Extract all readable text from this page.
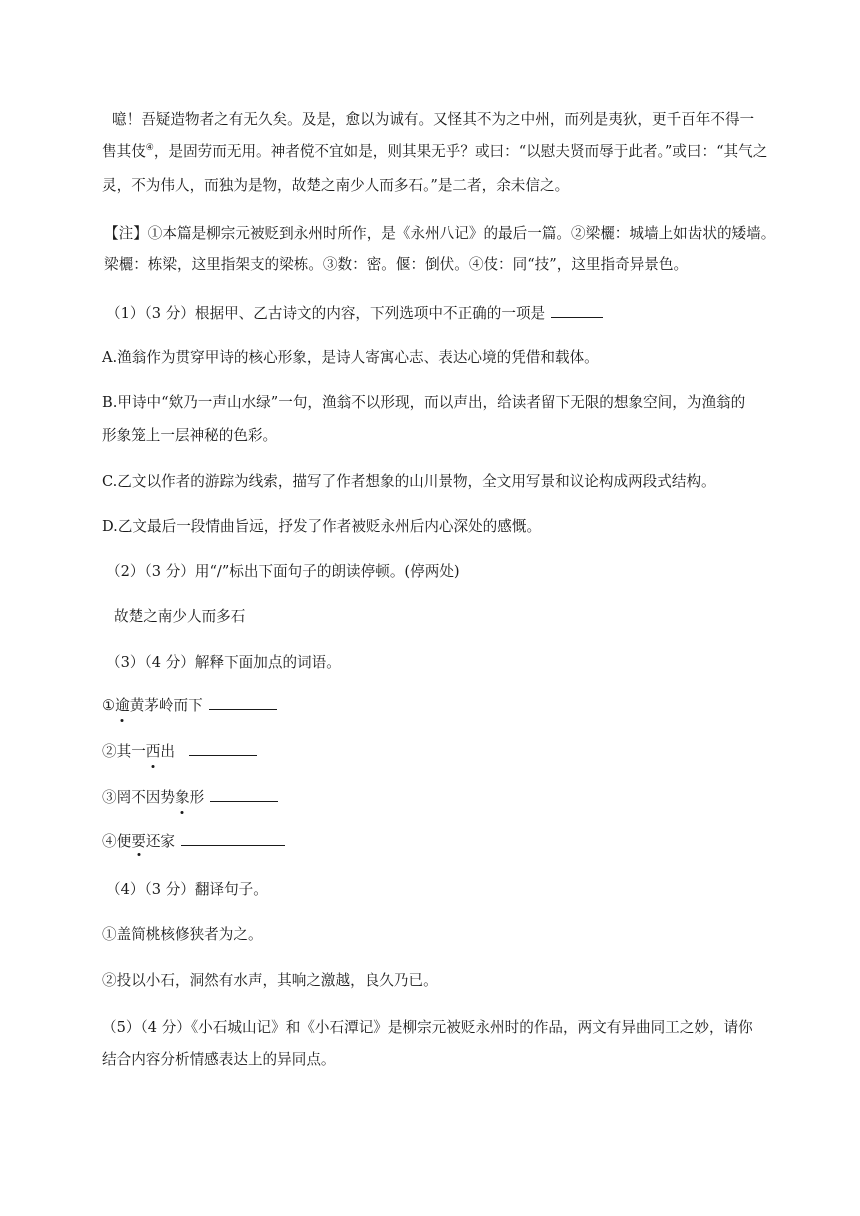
噫！吾疑造物者之有无久矣。及是，愈以为诚有。又怪其不为之中州，而列是夷狄，更千百年不得一
售其伎④，是固劳而无用。神者傥不宜如是，则其果无乎？或曰：“以慰夫贤而辱于此者。”或曰：“其气之
灵，不为伟人，而独为是物，故楚之南少人而多石。”是二者，余未信之。
【注】①本篇是柳宗元被贬到永州时所作，是《永州八记》的最后一篇。②梁欐：城墙上如齿状的矮墙。
梁欐：栋梁，这里指架支的梁栋。③数：密。偃：倒伏。④伎：同“技”，这里指奇异景色。
（1）（3 分）根据甲、乙古诗文的内容，下列选项中不正确的一项是
A.渔翁作为贯穿甲诗的核心形象，是诗人寄寓心志、表达心境的凭借和载体。
B.甲诗中“欸乃一声山水绿”一句，渔翁不以形现，而以声出，给读者留下无限的想象空间，为渔翁的
形象笼上一层神秘的色彩。
C.乙文以作者的游踪为线索，描写了作者想象的山川景物，全文用写景和议论构成两段式结构。
D.乙文最后一段情曲旨远，抒发了作者被贬永州后内心深处的感慨。
（2）（3 分）用“/”标出下面句子的朗读停顿。(停两处)
故楚之南少人而多石
（3）（4 分）解释下面加点的词语。
①逾黄茅岭而下
②其一西出
③罔不因势象形
④便要还家
（4）（3 分）翻译句子。
①盖简桃核修狭者为之。
②投以小石，洞然有水声，其响之激越，良久乃已。
（5）（4 分）《小石城山记》和《小石潭记》是柳宗元被贬永州时的作品，两文有异曲同工之妙，请你
结合内容分析情感表达上的异同点。
